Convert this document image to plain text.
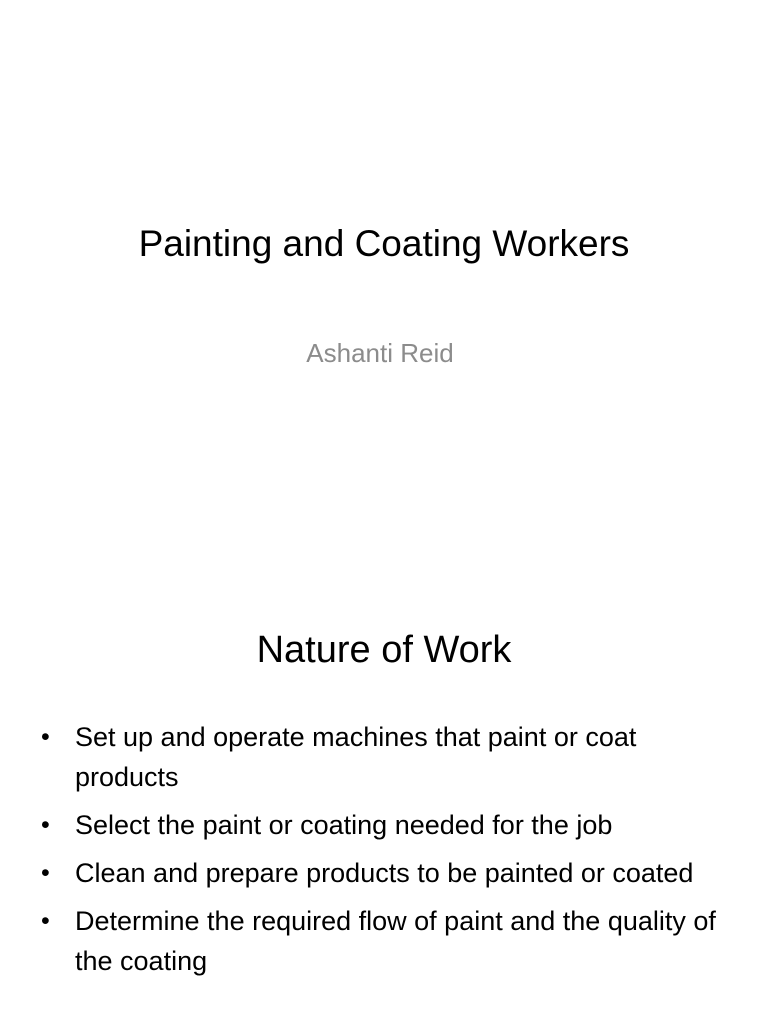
Painting and Coating Workers
Ashanti Reid
Nature of Work
• Set up and operate machines that paint or coat products
• Select the paint or coating needed for the job
• Clean and prepare products to be painted or coated
• Determine the required flow of paint and the quality of the coating
